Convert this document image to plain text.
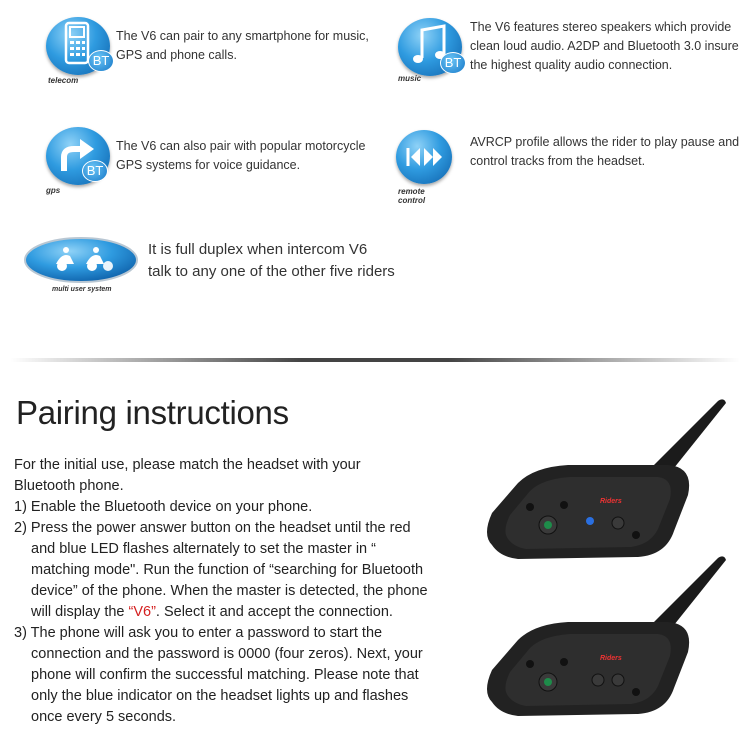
BT
telecom
The V6 can pair to any smartphone for music,
GPS and phone calls.	BT
music
The V6 features stereo speakers which provide
clean loud audio. A2DP and Bluetooth 3.0 insure
the highest quality audio connection.
BT
gps
The V6 can also pair with popular motorcycle
GPS systems for voice guidance.
remote
control
AVRCP profile allows the rider to play pause and
control tracks from the headset.
multi user system
It is full duplex when intercom V6
talk to any one of the other five riders
Pairing instructions
For the initial use, please match the headset with your
Bluetooth phone.
1) Enable the Bluetooth device on your phone.
2) Press the power answer button on the headset until the red
and blue LED flashes alternately to set the master in “
matching mode". Run the function of “searching for Bluetooth
device” of the phone. When the master is detected, the phone
will display the “V6”. Select it and accept the connection.
3) The phone will ask you to enter a password to start the
connection and the password is 0000 (four zeros). Next, your
phone will confirm the successful matching. Please note that
only the blue indicator on the headset lights up and flashes
once every 5 seconds.
Riders
Riders
